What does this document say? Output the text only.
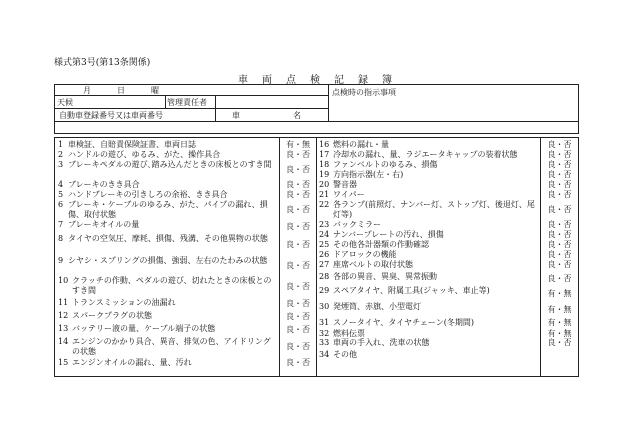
様式第3号(第13条関係)
車 両 点 検 記 録 簿
月	日	曜
天候	管理責任者
点検時の指示事項
自動車登録番号又は車両番号	車	名
1 車検証、自賠責保険証書、車両日誌	有・無
2 ハンドルの遊び、ゆるみ、がた、操作具合	良・否
3 ブレーキペダルの遊び､踏み込んだときの床板とのすき間
良・否
4 ブレーキのきき具合	良・否
5 ハンドブレーキの引きしろの余裕、きき具合	良・否
6 ブレーキ・ケーブルのゆるみ、がた、パイプの漏れ、損傷、取付状態
良・否
7 ブレーキオイルの量	良・否
8 タイヤの空気圧、摩耗、損傷、残溝、その他異物の状態
良・否
9 シヤシ・スプリングの損傷、強弱、左右のたわみの状態
良・否
10 クラッチの作動、ペダルの遊び、切れたときの床板とのすき間	良・否
11 トランスミッションの油漏れ	良・否
12 スパークプラグの状態	良・否
13 バッテリー液の量、ケーブル端子の状態	良・否
14 エンジンのかかり具合、異音、排気の色、アイドリングの状態
良・否
15 エンジンオイルの漏れ、量、汚れ	良・否
16 燃料の漏れ・量	良・否
17 冷却水の漏れ、量、ラジエータキャップの装着状態	良・否
18 ファンベルトのゆるみ、損傷	良・否
19 方向指示器(左・右)	良・否
20 警音器	良・否
21 ワイパー	良・否
22 各ランプ(前照灯、ナンバー灯、ストップ灯、後退灯、尾灯等)
良・否
23 バックミラー	良・否
24 ナンバープレートの汚れ、損傷	良・否
25 その他各計器類の作動確認	良・否
26 ドアロックの機能	良・否
27 座席ベルトの取付状態	良・否
28 各部の異音、異臭、異常振動	良・否
29 スペアタイヤ、附属工具(ジャッキ、車止等)	有・無
30 発煙筒、赤旗、小型電灯	有・無
31 スノータイヤ、タイヤチェーン(冬期間)	有・無
32 燃料伝票	有・無
33 車両の手入れ、洗車の状態	良・否
34 その他
